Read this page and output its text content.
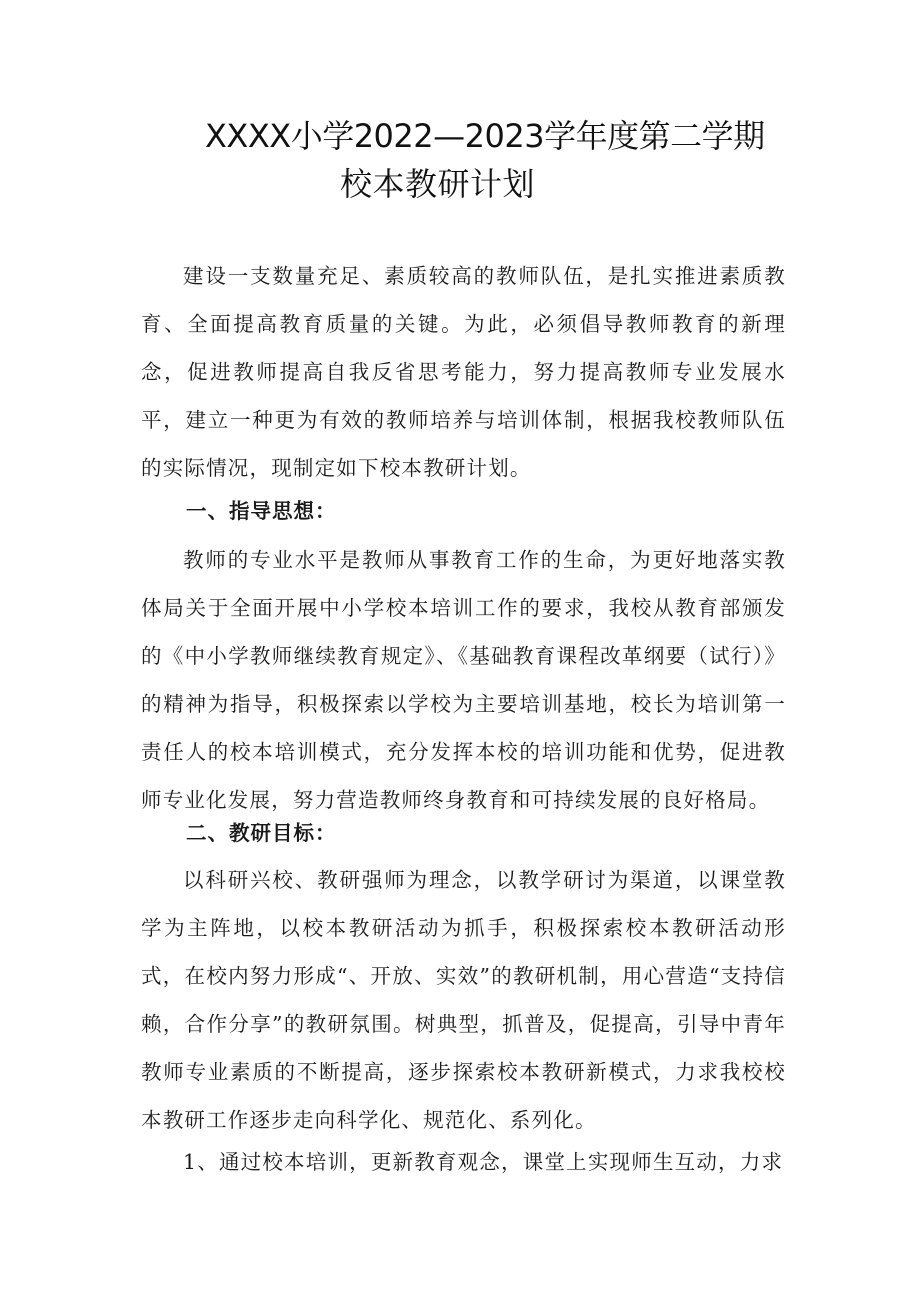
XXXX小学2022—2023学年度第二学期
校本教研计划

建设一支数量充足、素质较高的教师队伍，是扎实推进素质教育、全面提高教育质量的关键。为此，必须倡导教师教育的新理念，促进教师提高自我反省思考能力，努力提高教师专业发展水平，建立一种更为有效的教师培养与培训体制，根据我校教师队伍的实际情况，现制定如下校本教研计划。

一、指导思想：

教师的专业水平是教师从事教育工作的生命，为更好地落实教体局关于全面开展中小学校本培训工作的要求，我校从教育部颁发的《中小学教师继续教育规定》、《基础教育课程改革纲要（试行）》的精神为指导，积极探索以学校为主要培训基地，校长为培训第一责任人的校本培训模式，充分发挥本校的培训功能和优势，促进教师专业化发展，努力营造教师终身教育和可持续发展的良好格局。

二、教研目标：

以科研兴校、教研强师为理念，以教学研讨为渠道，以课堂教学为主阵地，以校本教研活动为抓手，积极探索校本教研活动形式，在校内努力形成“、开放、实效”的教研机制，用心营造“支持信赖，合作分享”的教研氛围。树典型，抓普及，促提高，引导中青年教师专业素质的不断提高，逐步探索校本教研新模式，力求我校校本教研工作逐步走向科学化、规范化、系列化。

1、通过校本培训，更新教育观念，课堂上实现师生互动，力求
